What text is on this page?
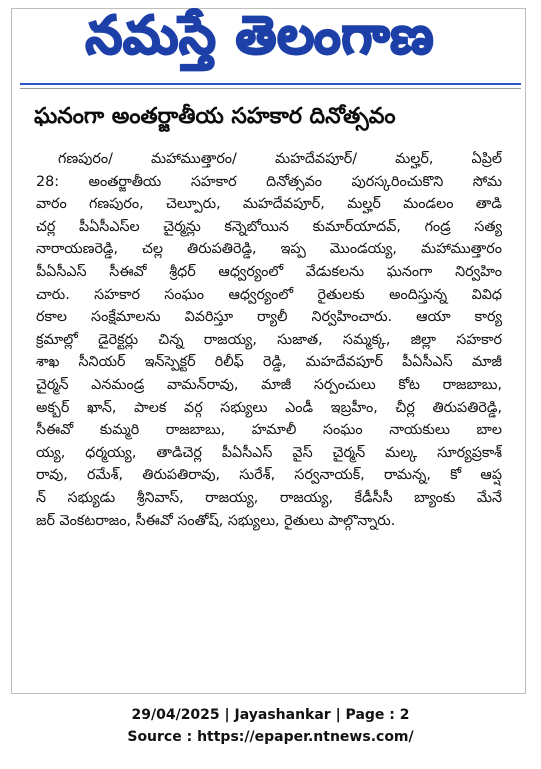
నమస్తే తెలంగాణ
ఘనంగా అంతర్జాతీయ సహకార దినోత్సవం
గణపురం/ మహాముత్తారం/ మహదేవపూర్/ మల్హర్, ఏప్రిల్
28: అంతర్జాతీయ సహకార దినోత్సవం పురస్కరించుకొని సోమ
వారం గణపురం, చెల్పూరు, మహదేవపూర్, మల్హర్ మండలం తాడి
చర్ల పీఏసీఎస్‌ల చైర్మన్లు కన్నెబోయిన కుమార్‌యాదవ్, గండ్ర సత్య
నారాయణరెడ్డి, చల్ల తిరుపతిరెడ్డి, ఇప్ప మొండయ్య, మహాముత్తారం
పీఏసీఎస్ సీఈవో శ్రీధర్ ఆధ్వర్యంలో వేడుకలను ఘనంగా నిర్వహిం
చారు. సహకార సంఘం ఆధ్వర్యంలో రైతులకు అందిస్తున్న వివిధ
రకాల సంక్షేమాలను వివరిస్తూ ర్యాలీ నిర్వహించారు. ఆయా కార్య
క్రమాల్లో డైరెక్టర్లు చిన్న రాజయ్య, సుజాత, సమ్మక్క, జిల్లా సహకార
శాఖ సీనియర్ ఇన్‌స్పెక్టర్ రిలీఫ్ రెడ్డి, మహదేవపూర్ పీఏసీఎస్ మాజీ
చైర్మన్ ఎనమండ్ర వామన్‌రావు, మాజీ సర్పంచులు కోట రాజబాబు,
అక్బర్ ఖాన్, పాలక వర్గ సభ్యులు ఎండీ ఇబ్రహీం, చీర్ల తిరుపతిరెడ్డి,
సీఈవో కుమ్మరి రాజబాబు, హమాలీ సంఘం నాయకులు బాల
య్య, ధర్మయ్య, తాడిచెర్ల పీఏసీఎస్ వైస్ చైర్మన్ మల్క సూర్యప్రకాశ్
రావు, రమేశ్, తిరుపతిరావు, సురేశ్, సర్వనాయక్, రామన్న, కో ఆప్ష
న్ సభ్యుడు శ్రీనివాస్, రాజయ్య, రాజయ్య, కేడీసీసీ బ్యాంకు మేనే
జర్ వెంకటరాజం, సీఈవో సంతోష్, సభ్యులు, రైతులు పాల్గొన్నారు.
29/04/2025 | Jayashankar | Page : 2
Source : https://epaper.ntnews.com/
